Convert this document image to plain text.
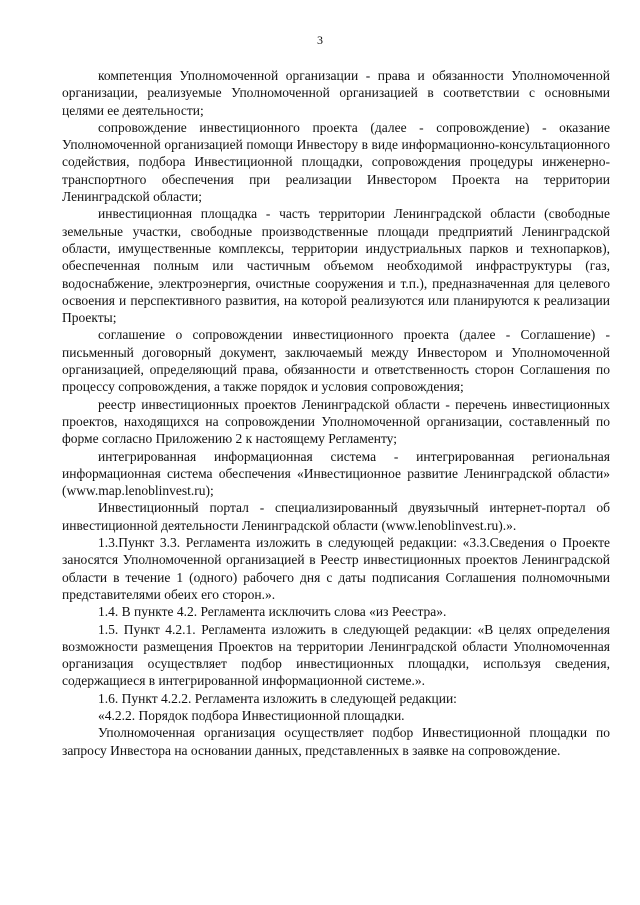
3

компетенция Уполномоченной организации - права и обязанности Уполномоченной организации, реализуемые Уполномоченной организацией в соответствии с основными целями ее деятельности;

сопровождение инвестиционного проекта (далее - сопровождение) - оказание Уполномоченной организацией помощи Инвестору в виде информационно-консультационного содействия, подбора Инвестиционной площадки, сопровождения процедуры инженерно-транспортного обеспечения при реализации Инвестором Проекта на территории Ленинградской области;

инвестиционная площадка - часть территории Ленинградской области (свободные земельные участки, свободные производственные площади предприятий Ленинградской области, имущественные комплексы, территории индустриальных парков и технопарков), обеспеченная полным или частичным объемом необходимой инфраструктуры (газ, водоснабжение, электроэнергия, очистные сооружения и т.п.), предназначенная для целевого освоения и перспективного развития, на которой реализуются или планируются к реализации Проекты;

соглашение о сопровождении инвестиционного проекта (далее - Соглашение) - письменный договорный документ, заключаемый между Инвестором и Уполномоченной организацией, определяющий права, обязанности и ответственность сторон Соглашения по процессу сопровождения, а также порядок и условия сопровождения;

реестр инвестиционных проектов Ленинградской области - перечень инвестиционных проектов, находящихся на сопровождении Уполномоченной организации, составленный по форме согласно Приложению 2 к настоящему Регламенту;

интегрированная информационная система - интегрированная региональная информационная система обеспечения «Инвестиционное развитие Ленинградской области» (www.map.lenoblinvest.ru);

Инвестиционный портал - специализированный двуязычный интернет-портал об инвестиционной деятельности Ленинградской области (www.lenoblinvest.ru).».

1.3.Пункт 3.3. Регламента изложить в следующей редакции: «3.3.Сведения о Проекте заносятся Уполномоченной организацией в Реестр инвестиционных проектов Ленинградской области в течение 1 (одного) рабочего дня с даты подписания Соглашения полномочными представителями обеих его сторон.».

1.4. В пункте 4.2. Регламента исключить слова «из Реестра».

1.5. Пункт 4.2.1. Регламента изложить в следующей редакции: «В целях определения возможности размещения Проектов на территории Ленинградской области Уполномоченная организация осуществляет подбор инвестиционных площадки, используя сведения, содержащиеся в интегрированной информационной системе.».

1.6. Пункт 4.2.2. Регламента изложить в следующей редакции:

«4.2.2. Порядок подбора Инвестиционной площадки.

Уполномоченная организация осуществляет подбор Инвестиционной площадки по запросу Инвестора на основании данных, представленных в заявке на сопровождение.
